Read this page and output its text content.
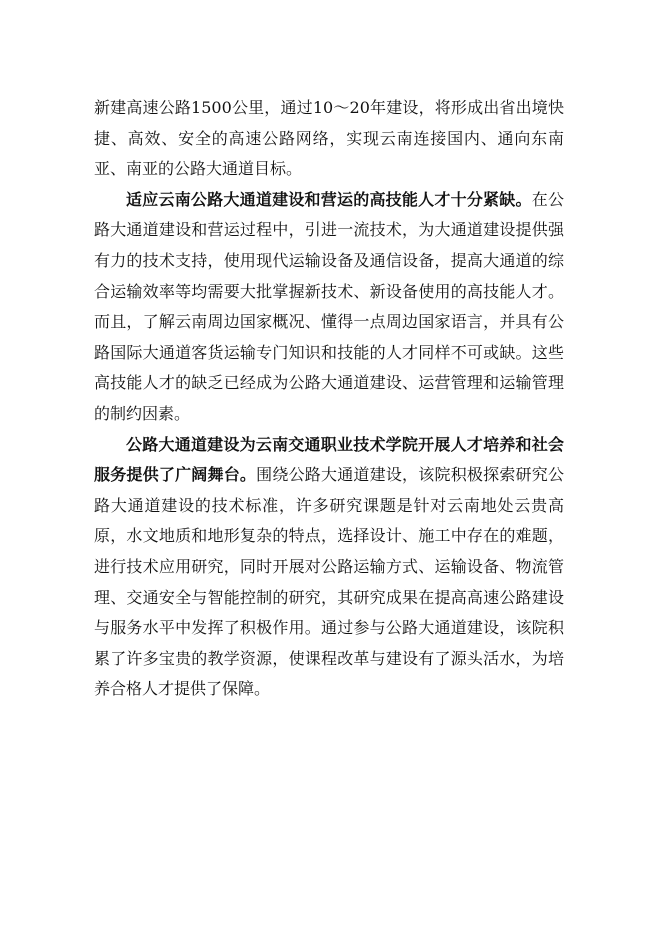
新建高速公路1500公里，通过10～20年建设，将形成出省出境快捷、高效、安全的高速公路网络，实现云南连接国内、通向东南亚、南亚的公路大通道目标。

适应云南公路大通道建设和营运的高技能人才十分紧缺。在公路大通道建设和营运过程中，引进一流技术，为大通道建设提供强有力的技术支持，使用现代运输设备及通信设备，提高大通道的综合运输效率等均需要大批掌握新技术、新设备使用的高技能人才。而且，了解云南周边国家概况、懂得一点周边国家语言，并具有公路国际大通道客货运输专门知识和技能的人才同样不可或缺。这些高技能人才的缺乏已经成为公路大通道建设、运营管理和运输管理的制约因素。

公路大通道建设为云南交通职业技术学院开展人才培养和社会服务提供了广阔舞台。围绕公路大通道建设，该院积极探索研究公路大通道建设的技术标准，许多研究课题是针对云南地处云贵高原，水文地质和地形复杂的特点，选择设计、施工中存在的难题，进行技术应用研究，同时开展对公路运输方式、运输设备、物流管理、交通安全与智能控制的研究，其研究成果在提高高速公路建设与服务水平中发挥了积极作用。通过参与公路大通道建设，该院积累了许多宝贵的教学资源，使课程改革与建设有了源头活水，为培养合格人才提供了保障。
